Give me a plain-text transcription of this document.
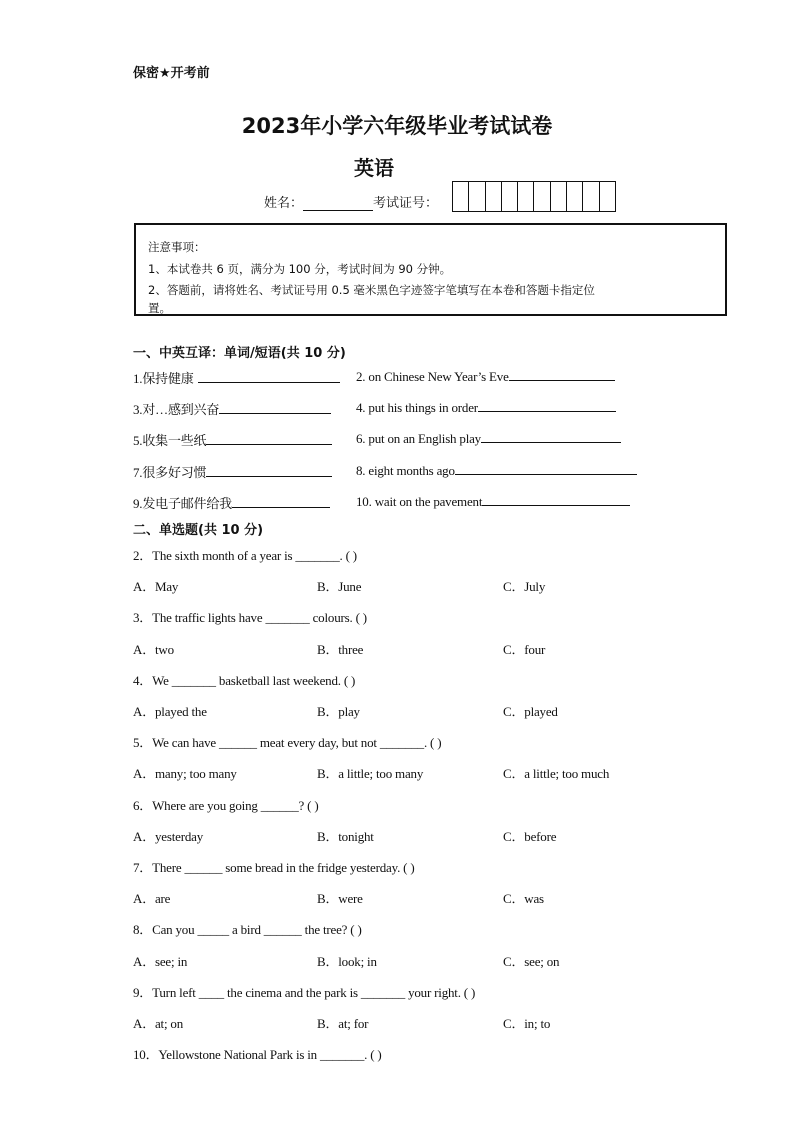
保密★开考前
2023年小学六年级毕业考试试卷
英语
姓名：	考试证号：
注意事项：
1、本试卷共 6 页，满分为 100 分，考试时间为 90 分钟。
2、答题前，请将姓名、考试证号用 0.5 毫米黑色字迹签字笔填写在本卷和答题卡指定位
置。
一、中英互译：单词/短语(共 10 分)
1.保持健康	2. on Chinese New Year’s Eve
3.对…感到兴奋	4. put his things in order
5.收集一些纸	6. put on an English play
7.很多好习惯	8. eight months ago
9.发电子邮件给我	10. wait on the pavement
二、单选题(共 10 分)
2．The sixth month of a year is _______. ( )
A．May	B．June	C．July
3．The traffic lights have _______ colours. ( )
A．two	B．three	C．four
4．We _______ basketball last weekend. ( )
A．played the	B．play	C．played
5．We can have ______ meat every day, but not _______. ( )
A．many; too many	B．a little; too many	C．a little; too much
6．Where are you going ______? ( )
A．yesterday	B．tonight	C．before
7．There ______ some bread in the fridge yesterday. ( )
A．are	B．were	C．was
8．Can you _____ a bird ______ the tree? ( )
A．see; in	B．look; in	C．see; on
9．Turn left ____ the cinema and the park is _______ your right. ( )
A．at; on	B．at; for	C．in; to
10．Yellowstone National Park is in _______. ( )
